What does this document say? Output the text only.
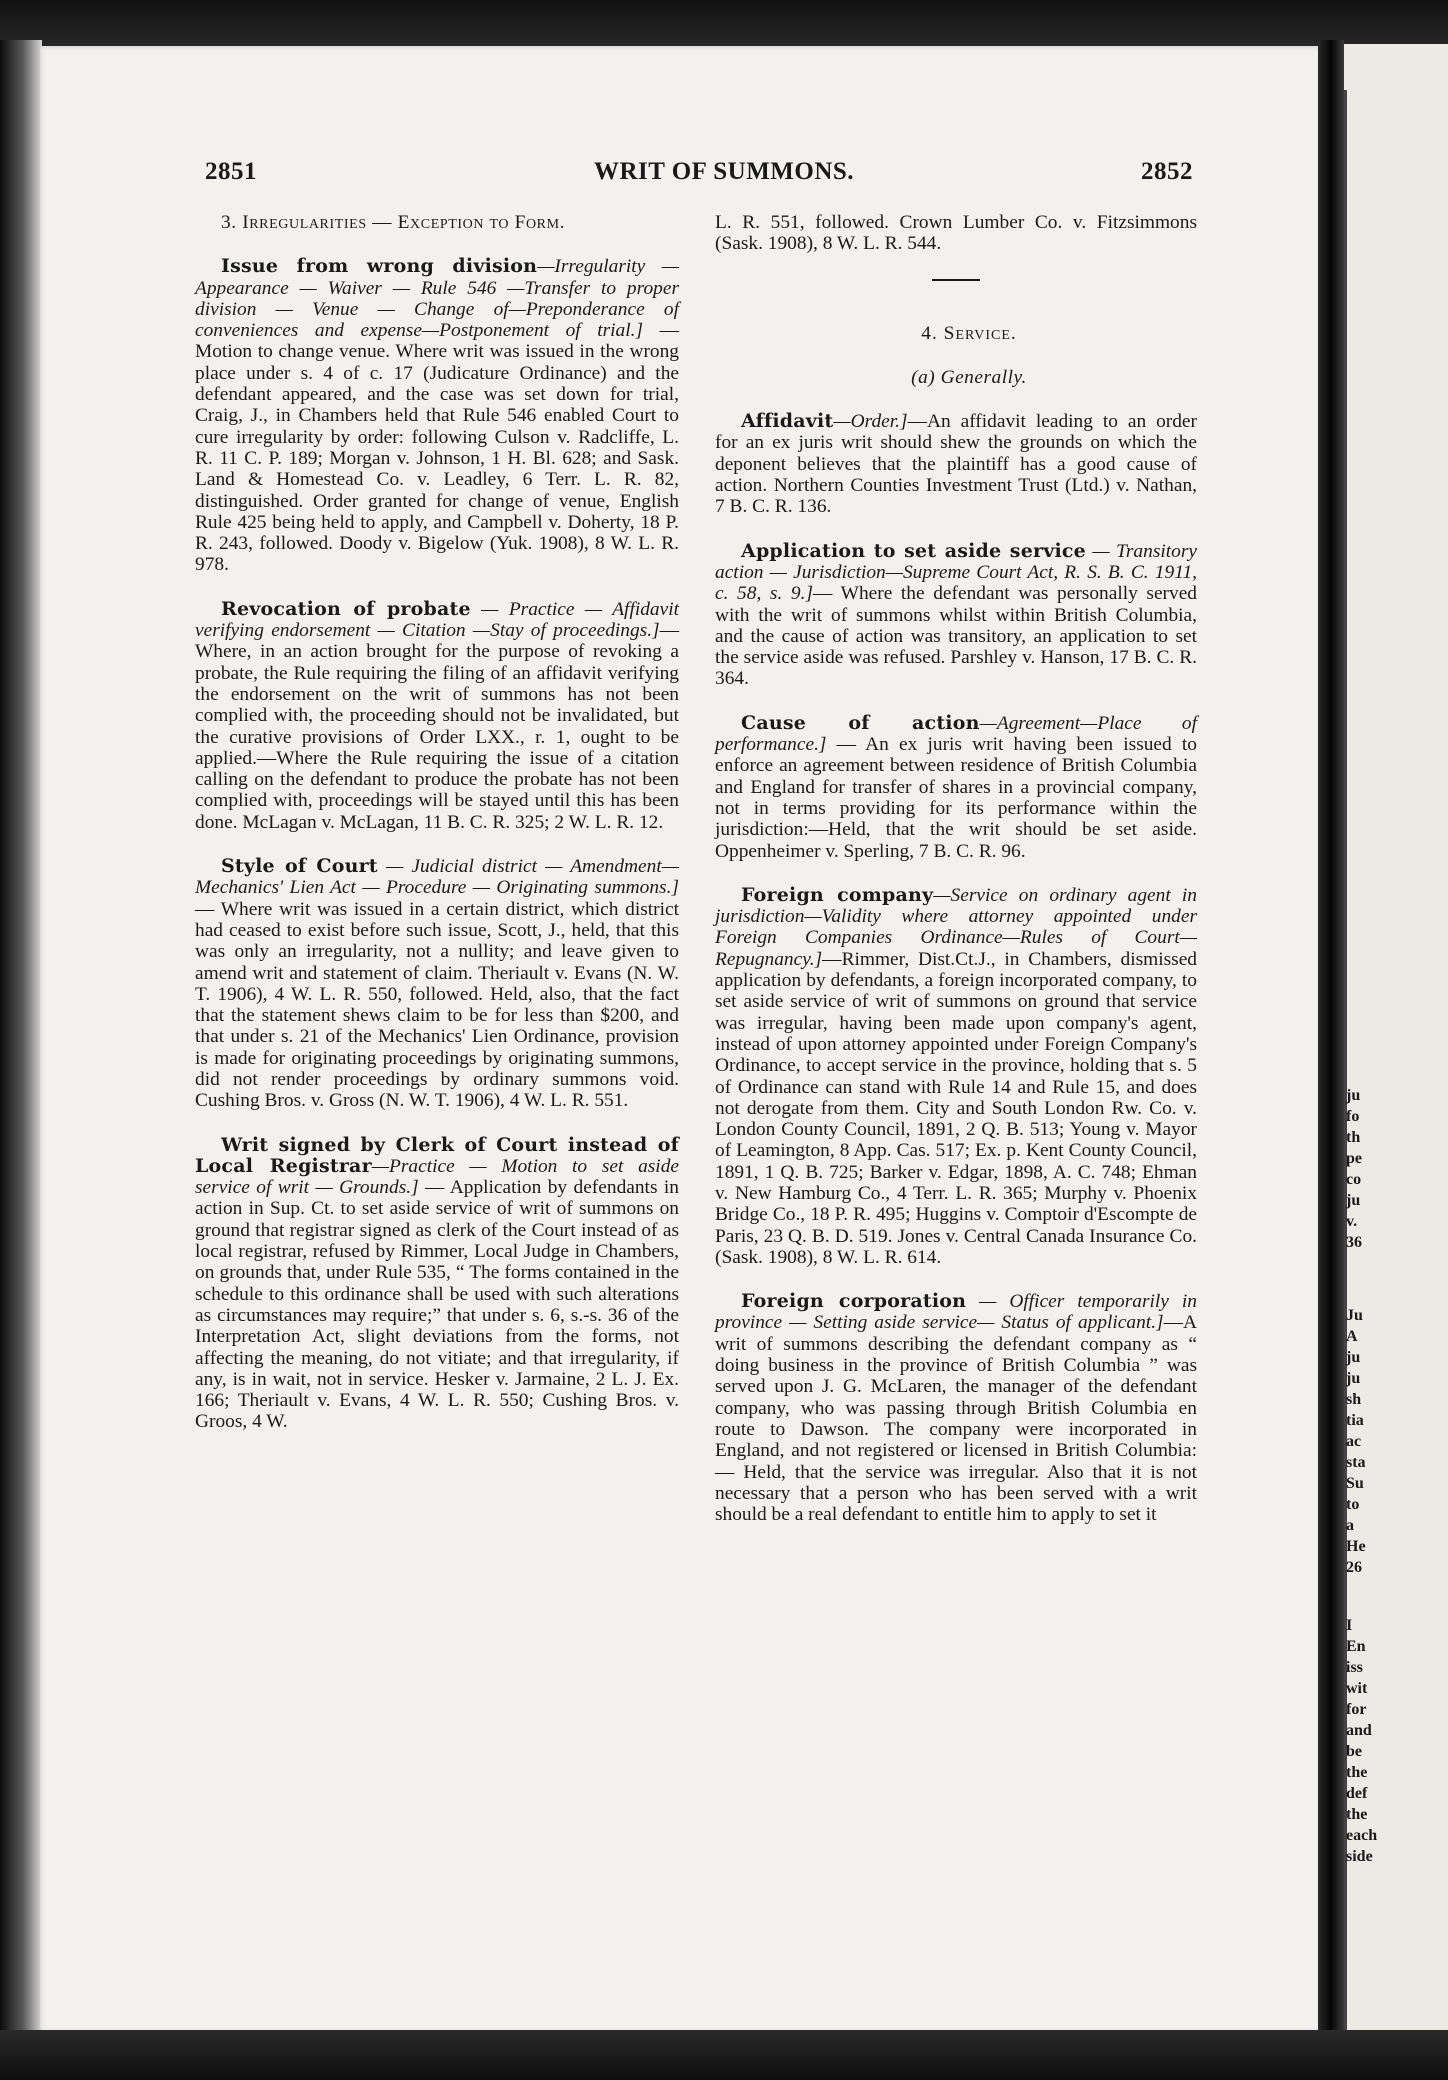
ju
fo
th
pe
co
ju
v.
36
Ju
A
ju
ju
sh
tia
ac
sta
Su
to
a
He
26
I
En
iss
wit
for
and
be
the
def
the
each
side
WRIT OF SUMMONS.
2851	2852

3. Irregularities — Exception to Form.

Issue from wrong division—Irregularity — Appearance — Waiver — Rule 546 —Transfer to proper division — Venue — Change of—Preponderance of conveniences and expense—Postponement of trial.] — Motion to change venue. Where writ was issued in the wrong place under s. 4 of c. 17 (Judicature Ordinance) and the defendant appeared, and the case was set down for trial, Craig, J., in Chambers held that Rule 546 enabled Court to cure irregularity by order: following Culson v. Radcliffe, L. R. 11 C. P. 189; Morgan v. Johnson, 1 H. Bl. 628; and Sask. Land & Homestead Co. v. Leadley, 6 Terr. L. R. 82, distinguished. Order granted for change of venue, English Rule 425 being held to apply, and Campbell v. Doherty, 18 P. R. 243, followed. Doody v. Bigelow (Yuk. 1908), 8 W. L. R. 978.

Revocation of probate — Practice — Affidavit verifying endorsement — Citation —Stay of proceedings.]—Where, in an action brought for the purpose of revoking a probate, the Rule requiring the filing of an affidavit verifying the endorsement on the writ of summons has not been complied with, the proceeding should not be invalidated, but the curative provisions of Order LXX., r. 1, ought to be applied.—Where the Rule requiring the issue of a citation calling on the defendant to produce the probate has not been complied with, proceedings will be stayed until this has been done. McLagan v. McLagan, 11 B. C. R. 325; 2 W. L. R. 12.

Style of Court — Judicial district — Amendment—Mechanics' Lien Act — Procedure — Originating summons.] — Where writ was issued in a certain district, which district had ceased to exist before such issue, Scott, J., held, that this was only an irregularity, not a nullity; and leave given to amend writ and statement of claim. Theriault v. Evans (N. W. T. 1906), 4 W. L. R. 550, followed. Held, also, that the fact that the statement shews claim to be for less than $200, and that under s. 21 of the Mechanics' Lien Ordinance, provision is made for originating proceedings by originating summons, did not render proceedings by ordinary summons void. Cushing Bros. v. Gross (N. W. T. 1906), 4 W. L. R. 551.

Writ signed by Clerk of Court instead of Local Registrar—Practice — Motion to set aside service of writ — Grounds.] — Application by defendants in action in Sup. Ct. to set aside service of writ of summons on ground that registrar signed as clerk of the Court instead of as local registrar, refused by Rimmer, Local Judge in Chambers, on grounds that, under Rule 535, “ The forms contained in the schedule to this ordinance shall be used with such alterations as circumstances may require;” that under s. 6, s.-s. 36 of the Interpretation Act, slight deviations from the forms, not affecting the meaning, do not vitiate; and that irregularity, if any, is in wait, not in service. Hesker v. Jarmaine, 2 L. J. Ex. 166; Theriault v. Evans, 4 W. L. R. 550; Cushing Bros. v. Groos, 4 W.

L. R. 551, followed. Crown Lumber Co. v. Fitzsimmons (Sask. 1908), 8 W. L. R. 544.

4. Service.

(a) Generally.

Affidavit—Order.]—An affidavit leading to an order for an ex juris writ should shew the grounds on which the deponent believes that the plaintiff has a good cause of action. Northern Counties Investment Trust (Ltd.) v. Nathan, 7 B. C. R. 136.

Application to set aside service — Transitory action — Jurisdiction—Supreme Court Act, R. S. B. C. 1911, c. 58, s. 9.]— Where the defendant was personally served with the writ of summons whilst within British Columbia, and the cause of action was transitory, an application to set the service aside was refused. Parshley v. Hanson, 17 B. C. R. 364.

Cause of action—Agreement—Place of performance.] — An ex juris writ having been issued to enforce an agreement between residence of British Columbia and England for transfer of shares in a provincial company, not in terms providing for its performance within the jurisdiction:—Held, that the writ should be set aside. Oppenheimer v. Sperling, 7 B. C. R. 96.

Foreign company—Service on ordinary agent in jurisdiction—Validity where attorney appointed under Foreign Companies Ordinance—Rules of Court—Repugnancy.]—Rimmer, Dist.Ct.J., in Chambers, dismissed application by defendants, a foreign incorporated company, to set aside service of writ of summons on ground that service was irregular, having been made upon company's agent, instead of upon attorney appointed under Foreign Company's Ordinance, to accept service in the province, holding that s. 5 of Ordinance can stand with Rule 14 and Rule 15, and does not derogate from them. City and South London Rw. Co. v. London County Council, 1891, 2 Q. B. 513; Young v. Mayor of Leamington, 8 App. Cas. 517; Ex. p. Kent County Council, 1891, 1 Q. B. 725; Barker v. Edgar, 1898, A. C. 748; Ehman v. New Hamburg Co., 4 Terr. L. R. 365; Murphy v. Phoenix Bridge Co., 18 P. R. 495; Huggins v. Comptoir d'Escompte de Paris, 23 Q. B. D. 519. Jones v. Central Canada Insurance Co. (Sask. 1908), 8 W. L. R. 614.

Foreign corporation — Officer temporarily in province — Setting aside service— Status of applicant.]—A writ of summons describing the defendant company as “ doing business in the province of British Columbia ” was served upon J. G. McLaren, the manager of the defendant company, who was passing through British Columbia en route to Dawson. The company were incorporated in England, and not registered or licensed in British Columbia: — Held, that the service was irregular. Also that it is not necessary that a person who has been served with a writ should be a real defendant to entitle him to apply to set it
